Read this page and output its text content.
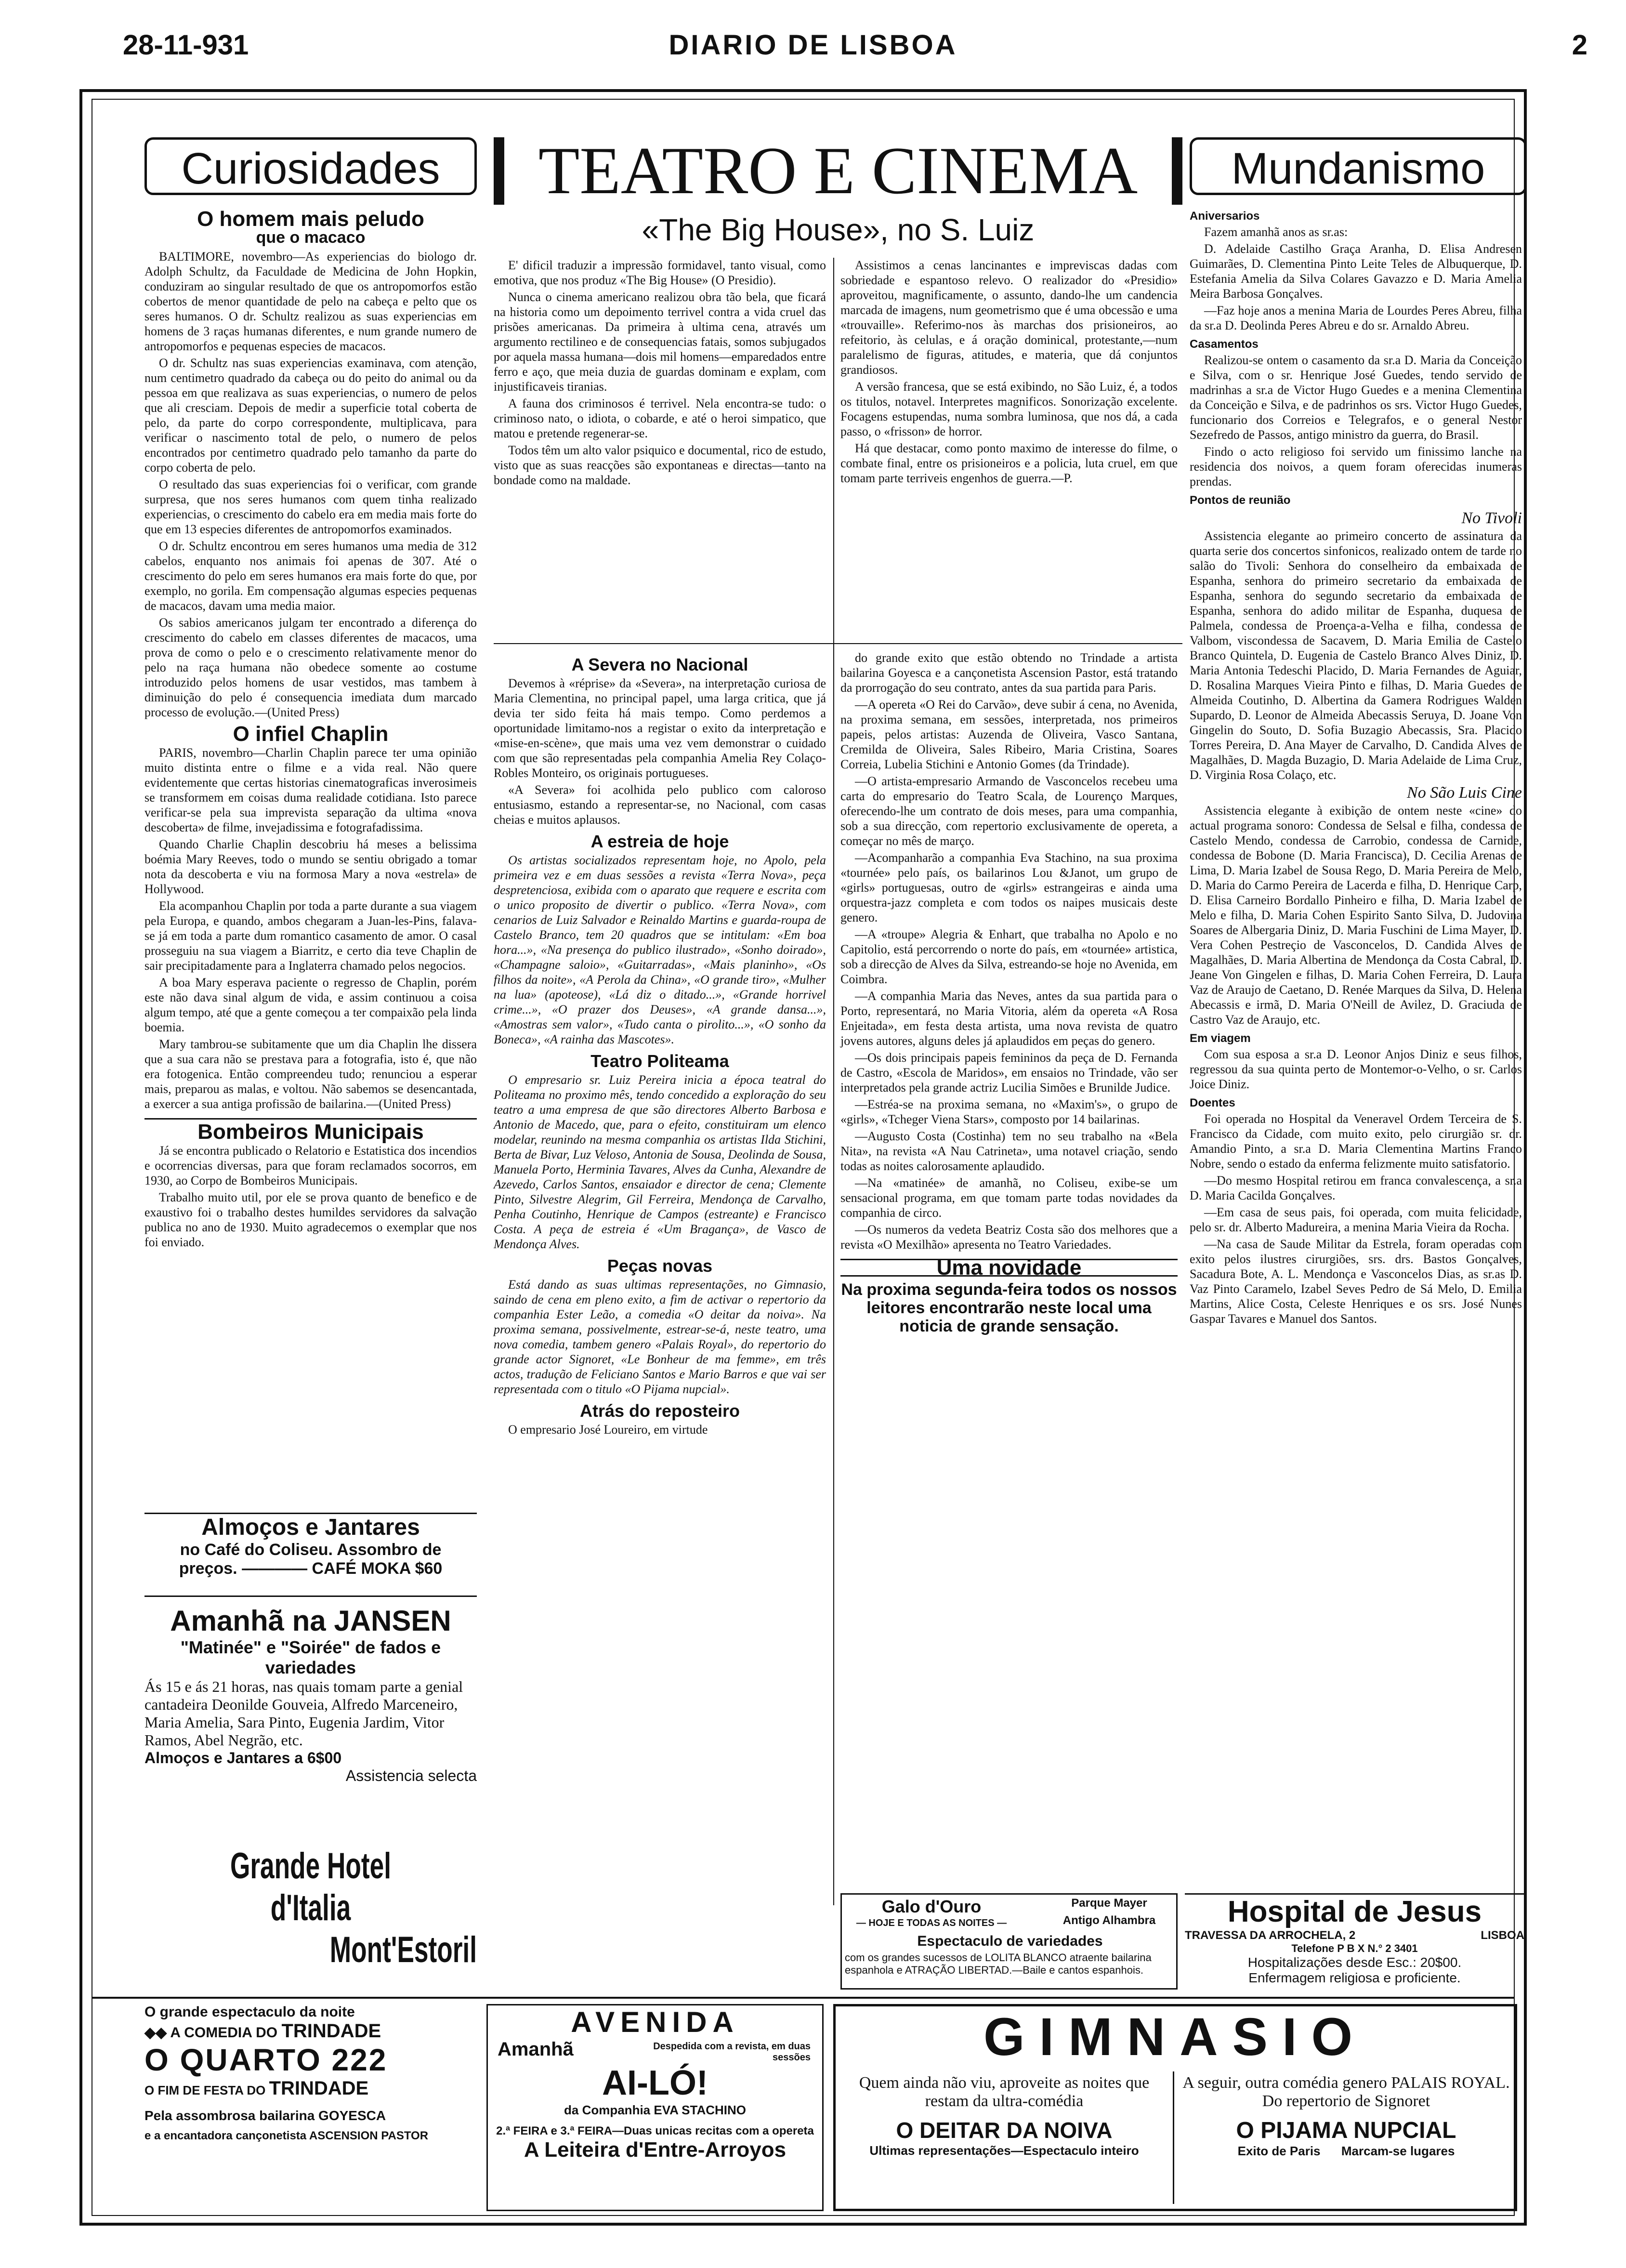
28-11-931	DIARIO DE LISBOA	2
Curiosidades
O homem mais peludo
que o macaco

BALTIMORE, novembro—As experiencias do biologo dr. Adolph Schultz, da Faculdade de Medicina de John Hopkin, conduziram ao singular resultado de que os antropomorfos estão cobertos de menor quantidade de pelo na cabeça e pelto que os seres humanos. O dr. Schultz realizou as suas experiencias em homens de 3 raças humanas diferentes, e num grande numero de antropomorfos e pequenas especies de macacos.

O dr. Schultz nas suas experiencias examinava, com atenção, num centimetro quadrado da cabeça ou do peito do animal ou da pessoa em que realizava as suas experiencias, o numero de pelos que ali cresciam. Depois de medir a superficie total coberta de pelo, da parte do corpo correspondente, multiplicava, para verificar o nascimento total de pelo, o numero de pelos encontrados por centimetro quadrado pelo tamanho da parte do corpo coberta de pelo.

O resultado das suas experiencias foi o verificar, com grande surpresa, que nos seres humanos com quem tinha realizado experiencias, o crescimento do cabelo era em media mais forte do que em 13 especies diferentes de antropomorfos examinados.

O dr. Schultz encontrou em seres humanos uma media de 312 cabelos, enquanto nos animais foi apenas de 307. Até o crescimento do pelo em seres humanos era mais forte do que, por exemplo, no gorila. Em compensação algumas especies pequenas de macacos, davam uma media maior.

Os sabios americanos julgam ter encontrado a diferença do crescimento do cabelo em classes diferentes de macacos, uma prova de como o pelo e o crescimento relativamente menor do pelo na raça humana não obedece somente ao costume introduzido pelos homens de usar vestidos, mas tambem à diminuição do pelo é consequencia imediata dum marcado processo de evolução.—(United Press)

O infiel Chaplin

PARIS, novembro—Charlin Chaplin parece ter uma opinião muito distinta entre o filme e a vida real. Não quere evidentemente que certas historias cinematograficas inverosimeis se transformem em coisas duma realidade cotidiana. Isto parece verificar-se pela sua imprevista separação da ultima «nova descoberta» de filme, invejadissima e fotografadissima.

Quando Charlie Chaplin descobriu há meses a belissima boémia Mary Reeves, todo o mundo se sentiu obrigado a tomar nota da descoberta e viu na formosa Mary a nova «estrela» de Hollywood.

Ela acompanhou Chaplin por toda a parte durante a sua viagem pela Europa, e quando, ambos chegaram a Juan-les-Pins, falava-se já em toda a parte dum romantico casamento de amor. O casal prosseguiu na sua viagem a Biarritz, e certo dia teve Chaplin de sair precipitadamente para a Inglaterra chamado pelos negocios.

A boa Mary esperava paciente o regresso de Chaplin, porém este não dava sinal algum de vida, e assim continuou a coisa algum tempo, até que a gente começou a ter compaixão pela linda boemia.

Mary tambrou-se subitamente que um dia Chaplin lhe dissera que a sua cara não se prestava para a fotografia, isto é, que não era fotogenica. Então compreendeu tudo; renunciou a esperar mais, preparou as malas, e voltou. Não sabemos se desencantada, a exercer a sua antiga profissão de bailarina.—(United Press)

Bombeiros Municipais

Já se encontra publicado o Relatorio e Estatistica dos incendios e ocorrencias diversas, para que foram reclamados socorros, em 1930, ao Corpo de Bombeiros Municipais.

Trabalho muito util, por ele se prova quanto de benefico e de exaustivo foi o trabalho destes humildes servidores da salvação publica no ano de 1930. Muito agradecemos o exemplar que nos foi enviado.

Almoços e Jantares
no Café do Coliseu. Assombro de
preços. ———— CAFÉ MOKA $60
Amanhã na JANSEN
"Matinée" e "Soirée" de fados e variedades
Ás 15 e ás 21 horas, nas quais tomam parte a genial cantadeira Deonilde Gouveia, Alfredo Marceneiro, Maria Amelia, Sara Pinto, Eugenia Jardim, Vitor Ramos, Abel Negrão, etc.
Almoços e Jantares a 6$00
Assistencia selecta
Grande Hotel d'Italia
Mont'Estoril
TEATRO E CINEMA
«The Big House», no S. Luiz

E' dificil traduzir a impressão formidavel, tanto visual, como emotiva, que nos produz «The Big House» (O Presidio).

Nunca o cinema americano realizou obra tão bela, que ficará na historia como um depoimento terrivel contra a vida cruel das prisões americanas. Da primeira à ultima cena, através um argumento rectilineo e de consequencias fatais, somos subjugados por aquela massa humana—dois mil homens—emparedados entre ferro e aço, que meia duzia de guardas dominam e explam, com injustificaveis tiranias.

A fauna dos criminosos é terrivel. Nela encontra-se tudo: o criminoso nato, o idiota, o cobarde, e até o heroi simpatico, que matou e pretende regenerar-se.

Todos têm um alto valor psiquico e documental, rico de estudo, visto que as suas reacções são expontaneas e directas—tanto na bondade como na maldade.

Assistimos a cenas lancinantes e impreviscas dadas com sobriedade e espantoso relevo. O realizador do «Presidio» aproveitou, magnificamente, o assunto, dando-lhe um candencia marcada de imagens, num geometrismo que é uma obcessão e uma «trouvaille». Referimo-nos às marchas dos prisioneiros, ao refeitorio, às celulas, e á oração dominical, protestante,—num paralelismo de figuras, atitudes, e materia, que dá conjuntos grandiosos.

A versão francesa, que se está exibindo, no São Luiz, é, a todos os titulos, notavel. Interpretes magnificos. Sonorização excelente. Focagens estupendas, numa sombra luminosa, que nos dá, a cada passo, o «frisson» de horror.

Há que destacar, como ponto maximo de interesse do filme, o combate final, entre os prisioneiros e a policia, luta cruel, em que tomam parte terriveis engenhos de guerra.—P.

A Severa no Nacional

Devemos à «réprise» da «Severa», na interpretação curiosa de Maria Clementina, no principal papel, uma larga critica, que já devia ter sido feita há mais tempo. Como perdemos a oportunidade limitamo-nos a registar o exito da interpretação e «mise-en-scène», que mais uma vez vem demonstrar o cuidado com que são representadas pela companhia Amelia Rey Colaço-Robles Monteiro, os originais portugueses.

«A Severa» foi acolhida pelo publico com caloroso entusiasmo, estando a representar-se, no Nacional, com casas cheias e muitos aplausos.

A estreia de hoje

Os artistas socializados representam hoje, no Apolo, pela primeira vez e em duas sessões a revista «Terra Nova», peça despretenciosa, exibida com o aparato que requere e escrita com o unico proposito de divertir o publico. «Terra Nova», com cenarios de Luiz Salvador e Reinaldo Martins e guarda-roupa de Castelo Branco, tem 20 quadros que se intitulam: «Em boa hora...», «Na presença do publico ilustrado», «Sonho doirado», «Champagne saloio», «Guitarradas», «Mais planinho», «Os filhos da noite», «A Perola da China», «O grande tiro», «Mulher na lua» (apoteose), «Lá diz o ditado...», «Grande horrivel crime...», «O prazer dos Deuses», «A grande dansa...», «Amostras sem valor», «Tudo canta o pirolito...», «O sonho da Boneca», «A rainha das Mascotes».

Teatro Politeama

O empresario sr. Luiz Pereira inicia a época teatral do Politeama no proximo mês, tendo concedido a exploração do seu teatro a uma empresa de que são directores Alberto Barbosa e Antonio de Macedo, que, para o efeito, constituiram um elenco modelar, reunindo na mesma companhia os artistas Ilda Stichini, Berta de Bivar, Luz Veloso, Antonia de Sousa, Deolinda de Sousa, Manuela Porto, Herminia Tavares, Alves da Cunha, Alexandre de Azevedo, Carlos Santos, ensaiador e director de cena; Clemente Pinto, Silvestre Alegrim, Gil Ferreira, Mendonça de Carvalho, Penha Coutinho, Henrique de Campos (estreante) e Francisco Costa. A peça de estreia é «Um Bragança», de Vasco de Mendonça Alves.

Peças novas

Está dando as suas ultimas representações, no Gimnasio, saindo de cena em pleno exito, a fim de activar o repertorio da companhia Ester Leão, a comedia «O deitar da noiva». Na proxima semana, possivelmente, estrear-se-á, neste teatro, uma nova comedia, tambem genero «Palais Royal», do repertorio do grande actor Signoret, «Le Bonheur de ma femme», em três actos, tradução de Feliciano Santos e Mario Barros e que vai ser representada com o titulo «O Pijama nupcial».

Atrás do reposteiro

O empresario José Loureiro, em virtude

do grande exito que estão obtendo no Trindade a artista bailarina Goyesca e a cançonetista Ascension Pastor, está tratando da prorrogação do seu contrato, antes da sua partida para Paris.

—A opereta «O Rei do Carvão», deve subir á cena, no Avenida, na proxima semana, em sessões, interpretada, nos primeiros papeis, pelos artistas: Auzenda de Oliveira, Vasco Santana, Cremilda de Oliveira, Sales Ribeiro, Maria Cristina, Soares Correia, Lubelia Stichini e Antonio Gomes (da Trindade).

—O artista-empresario Armando de Vasconcelos recebeu uma carta do empresario do Teatro Scala, de Lourenço Marques, oferecendo-lhe um contrato de dois meses, para uma companhia, sob a sua direcção, com repertorio exclusivamente de opereta, a começar no mês de março.

—Acompanharão a companhia Eva Stachino, na sua proxima «tournée» pelo país, os bailarinos Lou &Janot, um grupo de «girls» portuguesas, outro de «girls» estrangeiras e ainda uma orquestra-jazz completa e com todos os naipes musicais deste genero.

—A «troupe» Alegria & Enhart, que trabalha no Apolo e no Capitolio, está percorrendo o norte do país, em «tournée» artistica, sob a direcção de Alves da Silva, estreando-se hoje no Avenida, em Coimbra.

—A companhia Maria das Neves, antes da sua partida para o Porto, representará, no Maria Vitoria, além da opereta «A Rosa Enjeitada», em festa desta artista, uma nova revista de quatro jovens autores, alguns deles já aplaudidos em peças do genero.

—Os dois principais papeis femininos da peça de D. Fernanda de Castro, «Escola de Maridos», em ensaios no Trindade, vão ser interpretados pela grande actriz Lucilia Simões e Brunilde Judice.

—Estréa-se na proxima semana, no «Maxim's», o grupo de «girls», «Tcheger Viena Stars», composto por 14 bailarinas.

—Augusto Costa (Costinha) tem no seu trabalho na «Bela Nita», na revista «A Nau Catrineta», uma notavel criação, sendo todas as noites calorosamente aplaudido.

—Na «matinée» de amanhã, no Coliseu, exibe-se um sensacional programa, em que tomam parte todas novidades da companhia de circo.

—Os numeros da vedeta Beatriz Costa são dos melhores que a revista «O Mexilhão» apresenta no Teatro Variedades.

Uma novidade
Na proxima segunda-feira todos os nossos leitores encontrarão neste local uma noticia de grande sensação.
Galo d'Ouro
— HOJE E TODAS AS NOITES —
Parque Mayer
Antigo Alhambra
Espectaculo de variedades
com os grandes sucessos de LOLITA BLANCO atraente bailarina espanhola e ATRAÇÃO LIBERTAD.—Baile e cantos espanhois.
Mundanismo
Aniversarios

Fazem amanhã anos as sr.as:

D. Adelaide Castilho Graça Aranha, D. Elisa Andresen Guimarães, D. Clementina Pinto Leite Teles de Albuquerque, D. Estefania Amelia da Silva Colares Gavazzo e D. Maria Amelia Meira Barbosa Gonçalves.

—Faz hoje anos a menina Maria de Lourdes Peres Abreu, filha da sr.a D. Deolinda Peres Abreu e do sr. Arnaldo Abreu.

Casamentos

Realizou-se ontem o casamento da sr.a D. Maria da Conceição e Silva, com o sr. Henrique José Guedes, tendo servido de madrinhas a sr.a de Victor Hugo Guedes e a menina Clementina da Conceição e Silva, e de padrinhos os srs. Victor Hugo Guedes, funcionario dos Correios e Telegrafos, e o general Nestor Sezefredo de Passos, antigo ministro da guerra, do Brasil.

Findo o acto religioso foi servido um finissimo lanche na residencia dos noivos, a quem foram oferecidas inumeras prendas.

Pontos de reunião
No Tivoli

Assistencia elegante ao primeiro concerto de assinatura da quarta serie dos concertos sinfonicos, realizado ontem de tarde no salão do Tivoli: Senhora do conselheiro da embaixada de Espanha, senhora do primeiro secretario da embaixada de Espanha, senhora do segundo secretario da embaixada de Espanha, senhora do adido militar de Espanha, duquesa de Palmela, condessa de Proença-a-Velha e filha, condessa de Valbom, viscondessa de Sacavem, D. Maria Emilia de Castelo Branco Quintela, D. Eugenia de Castelo Branco Alves Diniz, D. Maria Antonia Tedeschi Placido, D. Maria Fernandes de Aguiar, D. Rosalina Marques Vieira Pinto e filhas, D. Maria Guedes de Almeida Coutinho, D. Albertina da Gamera Rodrigues Walden Supardo, D. Leonor de Almeida Abecassis Seruya, D. Joane Von Gingelin do Souto, D. Sofia Buzagio Abecassis, Sra. Placido Torres Pereira, D. Ana Mayer de Carvalho, D. Candida Alves de Magalhães, D. Magda Buzagio, D. Maria Adelaide de Lima Cruz, D. Virginia Rosa Colaço, etc.

No São Luis Cine

Assistencia elegante à exibição de ontem neste «cine» do actual programa sonoro: Condessa de Selsal e filha, condessa de Castelo Mendo, condessa de Carrobio, condessa de Carnide, condessa de Bobone (D. Maria Francisca), D. Cecilia Arenas de Lima, D. Maria Izabel de Sousa Rego, D. Maria Pereira de Melo, D. Maria do Carmo Pereira de Lacerda e filha, D. Henrique Carp, D. Elisa Carneiro Bordallo Pinheiro e filha, D. Maria Izabel de Melo e filha, D. Maria Cohen Espirito Santo Silva, D. Judovina Soares de Albergaria Diniz, D. Maria Fuschini de Lima Mayer, D. Vera Cohen Pestreçio de Vasconcelos, D. Candida Alves de Magalhães, D. Maria Albertina de Mendonça da Costa Cabral, D. Jeane Von Gingelen e filhas, D. Maria Cohen Ferreira, D. Laura Vaz de Araujo de Caetano, D. Renée Marques da Silva, D. Helena Abecassis e irmã, D. Maria O'Neill de Avilez, D. Graciuda de Castro Vaz de Araujo, etc.

Em viagem

Com sua esposa a sr.a D. Leonor Anjos Diniz e seus filhos, regressou da sua quinta perto de Montemor-o-Velho, o sr. Carlos Joice Diniz.

Doentes

Foi operada no Hospital da Veneravel Ordem Terceira de S. Francisco da Cidade, com muito exito, pelo cirurgião sr. dr. Amandio Pinto, a sr.a D. Maria Clementina Martins Franco Nobre, sendo o estado da enferma felizmente muito satisfatorio.

—Do mesmo Hospital retirou em franca convalescença, a sr.a D. Maria Cacilda Gonçalves.

—Em casa de seus pais, foi operada, com muita felicidade, pelo sr. dr. Alberto Madureira, a menina Maria Vieira da Rocha.

—Na casa de Saude Militar da Estrela, foram operadas com exito pelos ilustres cirurgiões, srs. drs. Bastos Gonçalves, Sacadura Bote, A. L. Mendonça e Vasconcelos Dias, as sr.as D. Vaz Pinto Caramelo, Izabel Seves Pedro de Sá Melo, D. Emilia Martins, Alice Costa, Celeste Henriques e os srs. José Nunes Gaspar Tavares e Manuel dos Santos.

Hospital de Jesus
TRAVESSA DA ARROCHELA, 2	LISBOA
Telefone P B X N.° 2 3401
Hospitalizações desde Esc.: 20$00.
Enfermagem religiosa e proficiente.
O grande espectaculo da noite
◆◆ A COMEDIA DO TRINDADE
O QUARTO 222
O FIM DE FESTA DO TRINDADE
Pela assombrosa bailarina GOYESCA
e a encantadora cançonetista ASCENSION PASTOR
AVENIDA
Amanhã	Despedida com a revista, em duas sessões
AI-LÓ!
da Companhia EVA STACHINO
2.ª FEIRA e 3.ª FEIRA—Duas unicas recitas com a opereta
A Leiteira d'Entre-Arroyos
GIMNASIO
Quem ainda não viu, aproveite as noites que restam da ultra-comédia
O DEITAR DA NOIVA
Ultimas representações—Espectaculo inteiro
A seguir, outra comédia genero PALAIS ROYAL. Do repertorio de Signoret
O PIJAMA NUPCIAL
Exito de Paris Marcam-se lugares
